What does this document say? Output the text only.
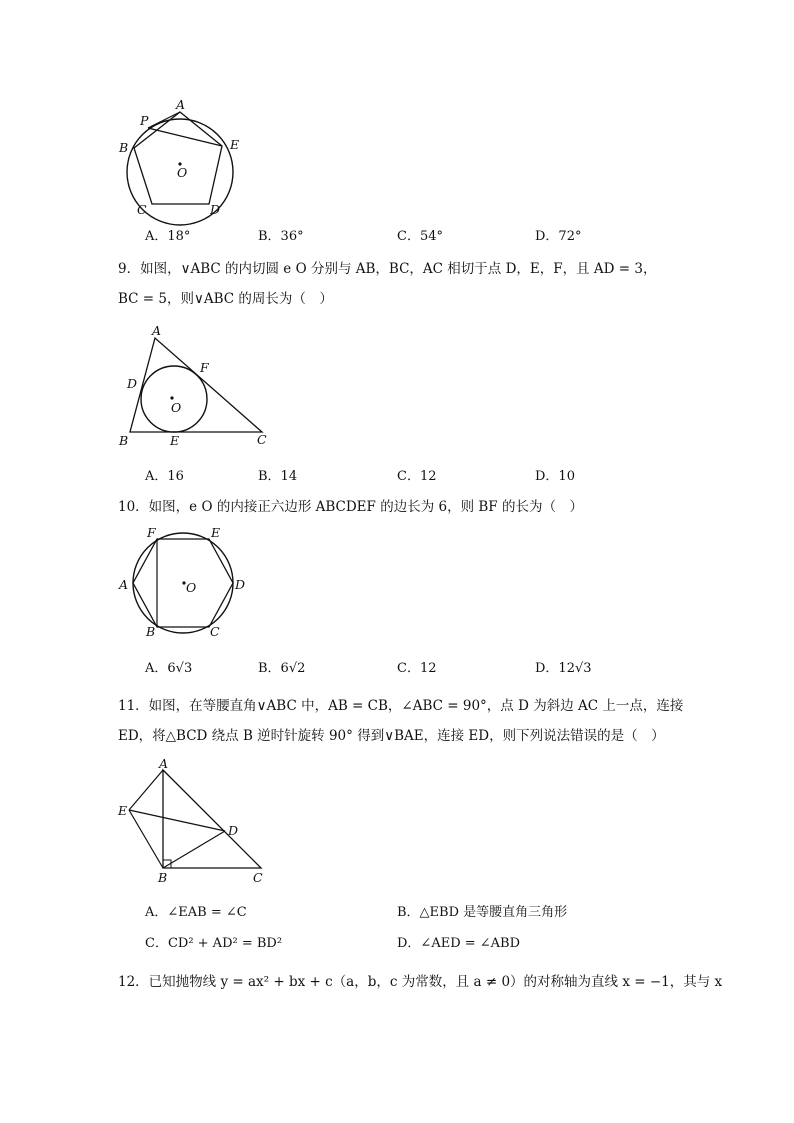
A
P
B	E
C	D
O
A．18°	B．36°	C．54°	D．72°
9．如图，∨ABC 的内切圆 e O 分别与 AB，BC，AC 相切于点 D，E，F，且 AD = 3，
BC = 5，则∨ABC 的周长为（　）
A
D
F
O
B	E	C
A．16	B．14	C．12	D．10
10．如图，e O 的内接正六边形 ABCDEF 的边长为 6，则 BF 的长为（　）
F	E
A	D
O
B	C
A．6√3	B．6√2	C．12	D．12√3
11．如图，在等腰直角∨ABC 中，AB = CB，∠ABC = 90°，点 D 为斜边 AC 上一点，连接
ED，将△BCD 绕点 B 逆时针旋转 90° 得到∨BAE，连接 ED，则下列说法错误的是（　）
A
E
D
B	C
A．∠EAB = ∠C	B．△EBD 是等腰直角三角形
C．CD² + AD² = BD²	D．∠AED = ∠ABD
12．已知抛物线 y = ax² + bx + c（a，b，c 为常数，且 a ≠ 0）的对称轴为直线 x = −1，其与 x
